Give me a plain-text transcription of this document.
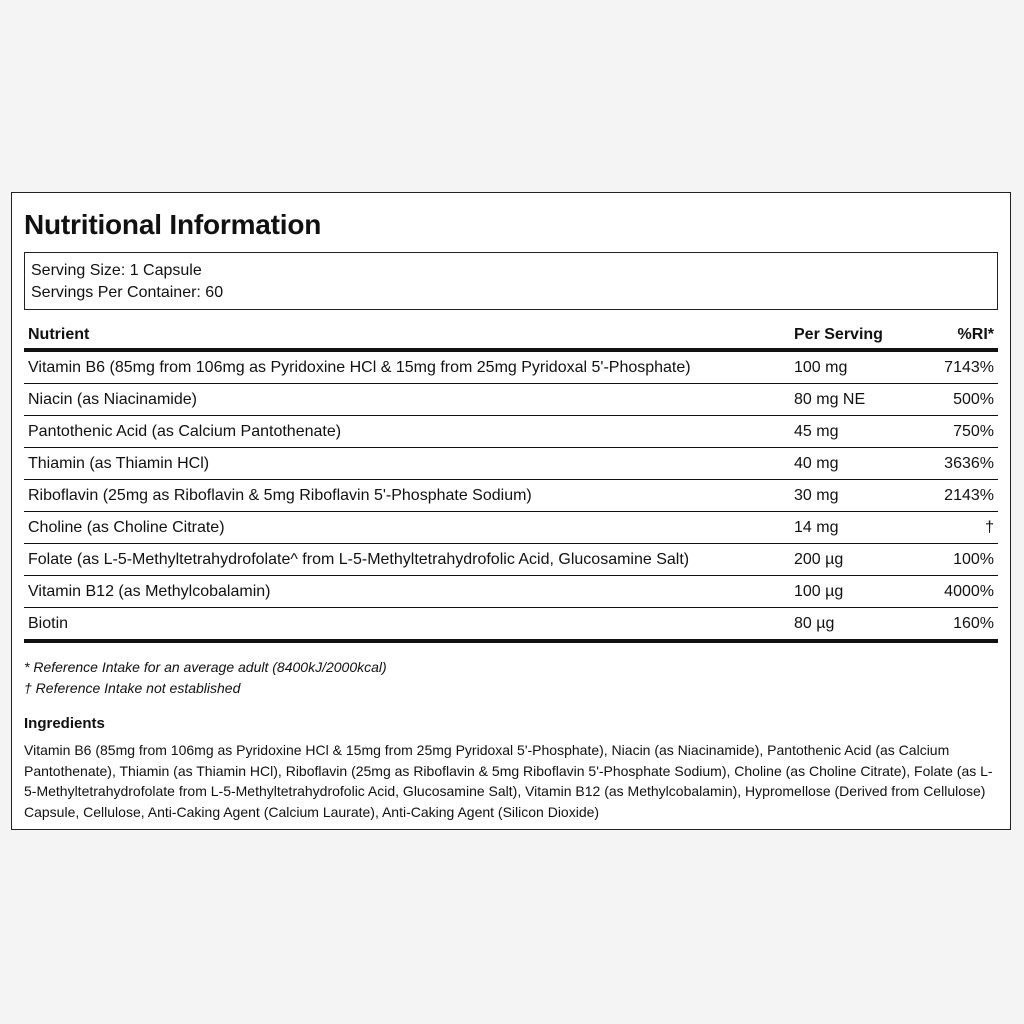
Nutritional Information
Serving Size: 1 Capsule
Servings Per Container: 60
Nutrient	Per Serving	%RI*
Vitamin B6 (85mg from 106mg as Pyridoxine HCl & 15mg from 25mg Pyridoxal 5'-Phosphate)	100 mg	7143%
Niacin (as Niacinamide)	80 mg NE	500%
Pantothenic Acid (as Calcium Pantothenate)	45 mg	750%
Thiamin (as Thiamin HCl)	40 mg	3636%
Riboflavin (25mg as Riboflavin & 5mg Riboflavin 5'-Phosphate Sodium)	30 mg	2143%
Choline (as Choline Citrate)	14 mg	†
Folate (as L-5-Methyltetrahydrofolate^ from L-5-Methyltetrahydrofolic Acid, Glucosamine Salt)	200 µg	100%
Vitamin B12 (as Methylcobalamin)	100 µg	4000%
Biotin	80 µg	160%
* Reference Intake for an average adult (8400kJ/2000kcal)
† Reference Intake not established
Ingredients
Vitamin B6 (85mg from 106mg as Pyridoxine HCl & 15mg from 25mg Pyridoxal 5'-Phosphate), Niacin (as Niacinamide), Pantothenic Acid (as Calcium Pantothenate), Thiamin (as Thiamin HCl), Riboflavin (25mg as Riboflavin & 5mg Riboflavin 5'-Phosphate Sodium), Choline (as Choline Citrate), Folate (as L-5-Methyltetrahydrofolate from L-5-Methyltetrahydrofolic Acid, Glucosamine Salt), Vitamin B12 (as Methylcobalamin), Hypromellose (Derived from Cellulose) Capsule, Cellulose, Anti-Caking Agent (Calcium Laurate), Anti-Caking Agent (Silicon Dioxide)
